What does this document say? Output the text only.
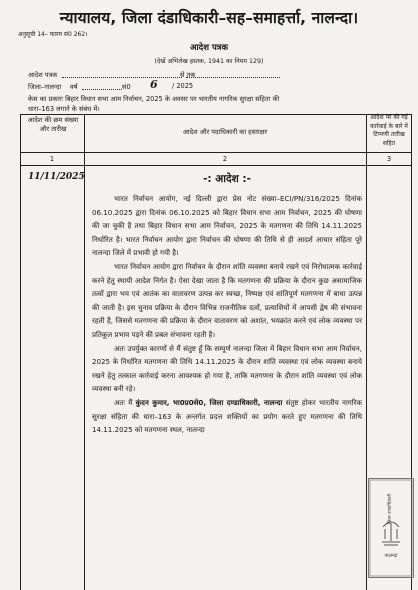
न्यायालय, जिला दंडाधिकारी–सह–समाहर्त्ता, नालन्दा।
अनुसूची 14– फारम सं0 262।
आदेश पत्रक
(देखें अभिलेख हस्तक, 1941 का नियम 129)
आदेश पत्रक	से तक
जिला–नालन्दा वर्ष	सं0 6 / 2025
केस का प्रकारः बिहार विधान सभा आम निर्वाचन, 2025 के अवसर पर भारतीय नागरिक सुरक्षा संहिता की
धारा–163 लगाने के संबंध में।
आदेश की क्रम संख्या और तारीख	आदेश और पदाधिकारी का हस्ताक्षर
आदेश पर की गई कार्रवाई के बारे में टिप्पणी तारीख सहित
1	2	3
11/11/2025	-: आदेश :-

भारत निर्वाचन आयोग, नई दिल्ली द्वारा प्रेस नोट संख्या–ECI/PN/316/2025 दिनांक 06.10.2025 द्वारा दिनांक 06.10.2025 को बिहार विधान सभा आम निर्वाचन, 2025 की घोषणा की जा चुकी है तथा बिहार विधान सभा आम निर्वाचन, 2025 के मतगणना की तिथि 14.11.2025 निर्धारित है। भारत निर्वाचन आयोग द्वारा निर्वाचन की घोषणा की तिथि से ही आदर्श आचार संहिता पूरे नालन्दा जिले में प्रभावी हो गयी है।

भारत निर्वाचन आयोग द्वारा निर्वाचन के दौरान शांति व्यवस्था बनाये रखने एवं निरोधात्मक कार्रवाई करने हेतु स्थायी आदेश निर्गत है। ऐसा देखा जाता है कि मतगणना की प्रक्रिया के दौरान कुछ असामाजिक तत्वों द्वारा भय एवं आतंक का वातावरण उत्पन्न कर स्वच्छ, निष्पक्ष एवं शांतिपूर्ण मतगणना में बाधा उत्पन्न की जाती है। इस चुनाव प्रक्रिया के दौरान विभिन्न राजनीतिक दलों, प्रत्याशियों में आपसी द्वेष की संभावना रहती है, जिससे मतगणना की प्रक्रिया के दौरान वातावरण को अशांत, भयक्रांत करने एवं लोक व्यवस्था पर प्रतिकूल प्रभाव पड़ने की प्रबल संभावना रहती है।

अतः उपर्युक्त कारणों से मैं संतुष्ट हूँ कि सम्पूर्ण नालन्दा जिला में बिहार विधान सभा आम निर्वाचन, 2025 के निर्धारित मतगणना की तिथि 14.11.2025 के दौरान शांति व्यवस्था एवं लोक व्यवस्था बनाये रखने हेतु तत्काल कार्रवाई करना आवश्यक हो गया है, ताकि मतगणना के दौरान शांति व्यवस्था एवं लोक व्यवस्था बनी रहे।

अतः मैं कुंदन कुमार, भा0प्र0से0, जिला दण्डाधिकारी, नालन्दा संतुष्ट होकर भारतीय नागरिक सुरक्षा संहिता की धारा–163 के अन्तर्गत प्रदत्त शक्तियों का प्रयोग करते हुए मतगणना की तिथि 14.11.2025 को मतगणना स्थल, नालन्दा

नालन्दा
जिला दण्डाधिकारी
